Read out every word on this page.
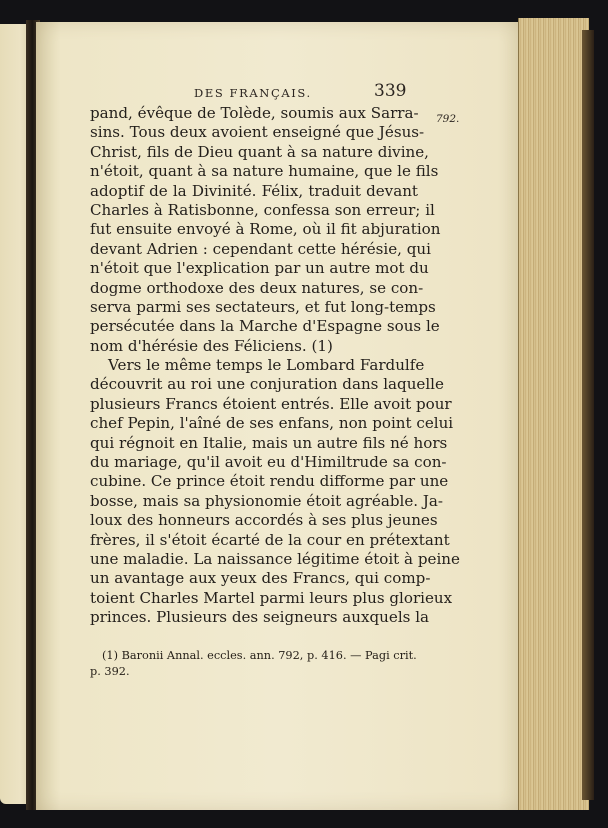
DES FRANÇAIS.	339
792.
pand, évêque de Tolède, soumis aux Sarra-
sins. Tous deux avoient enseigné que Jésus-
Christ, fils de Dieu quant à sa nature divine,
n'étoit, quant à sa nature humaine, que le fils
adoptif de la Divinité. Félix, traduit devant
Charles à Ratisbonne, confessa son erreur; il
fut ensuite envoyé à Rome, où il fit abjuration
devant Adrien : cependant cette hérésie, qui
n'étoit que l'explication par un autre mot du
dogme orthodoxe des deux natures, se con-
serva parmi ses sectateurs, et fut long-temps
persécutée dans la Marche d'Espagne sous le
nom d'hérésie des Féliciens. (1)
Vers le même temps le Lombard Fardulfe
découvrit au roi une conjuration dans laquelle
plusieurs Francs étoient entrés. Elle avoit pour
chef Pepin, l'aîné de ses enfans, non point celui
qui régnoit en Italie, mais un autre fils né hors
du mariage, qu'il avoit eu d'Himiltrude sa con-
cubine. Ce prince étoit rendu difforme par une
bosse, mais sa physionomie étoit agréable. Ja-
loux des honneurs accordés à ses plus jeunes
frères, il s'étoit écarté de la cour en prétextant
une maladie. La naissance légitime étoit à peine
un avantage aux yeux des Francs, qui comp-
toient Charles Martel parmi leurs plus glorieux
princes. Plusieurs des seigneurs auxquels la
(1) Baronii Annal. eccles. ann. 792, p. 416. — Pagi crit.
p. 392.
